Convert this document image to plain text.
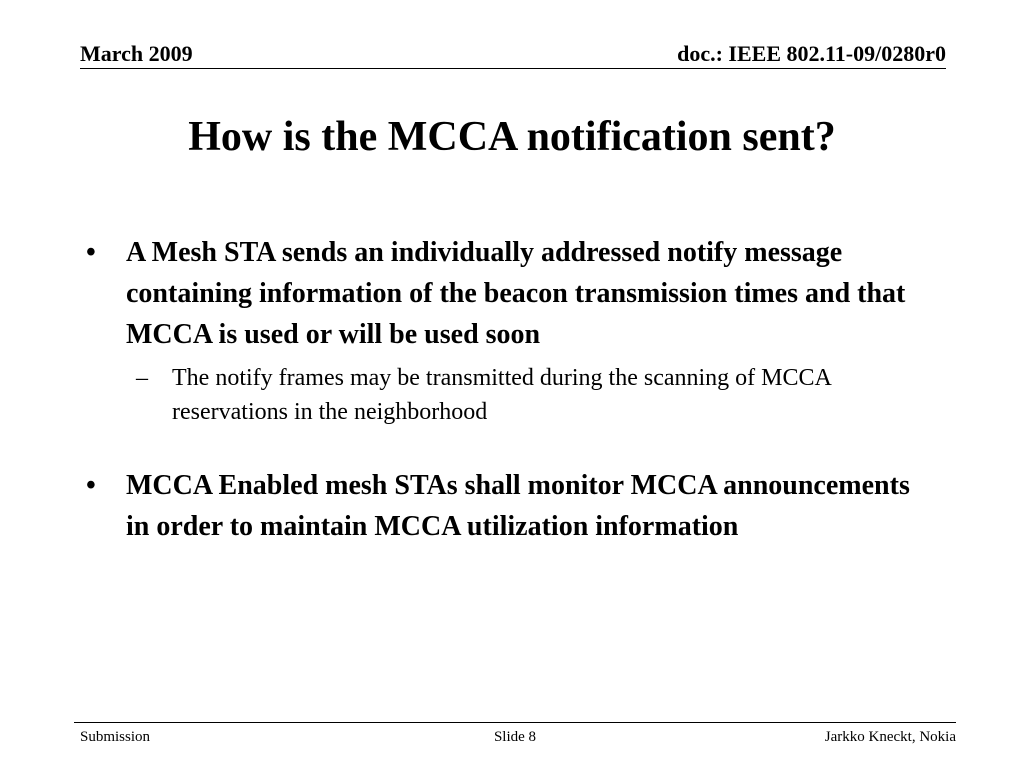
March 2009	doc.: IEEE 802.11-09/0280r0
How is the MCCA notification sent?
• A Mesh STA sends an individually addressed notify message containing information of the beacon transmission times and that MCCA is used or will be used soon
– The notify frames may be transmitted during the scanning of MCCA reservations in the neighborhood
• MCCA Enabled mesh STAs shall monitor MCCA announcements in order to maintain MCCA utilization information
Submission	Slide 8	Jarkko Kneckt, Nokia
